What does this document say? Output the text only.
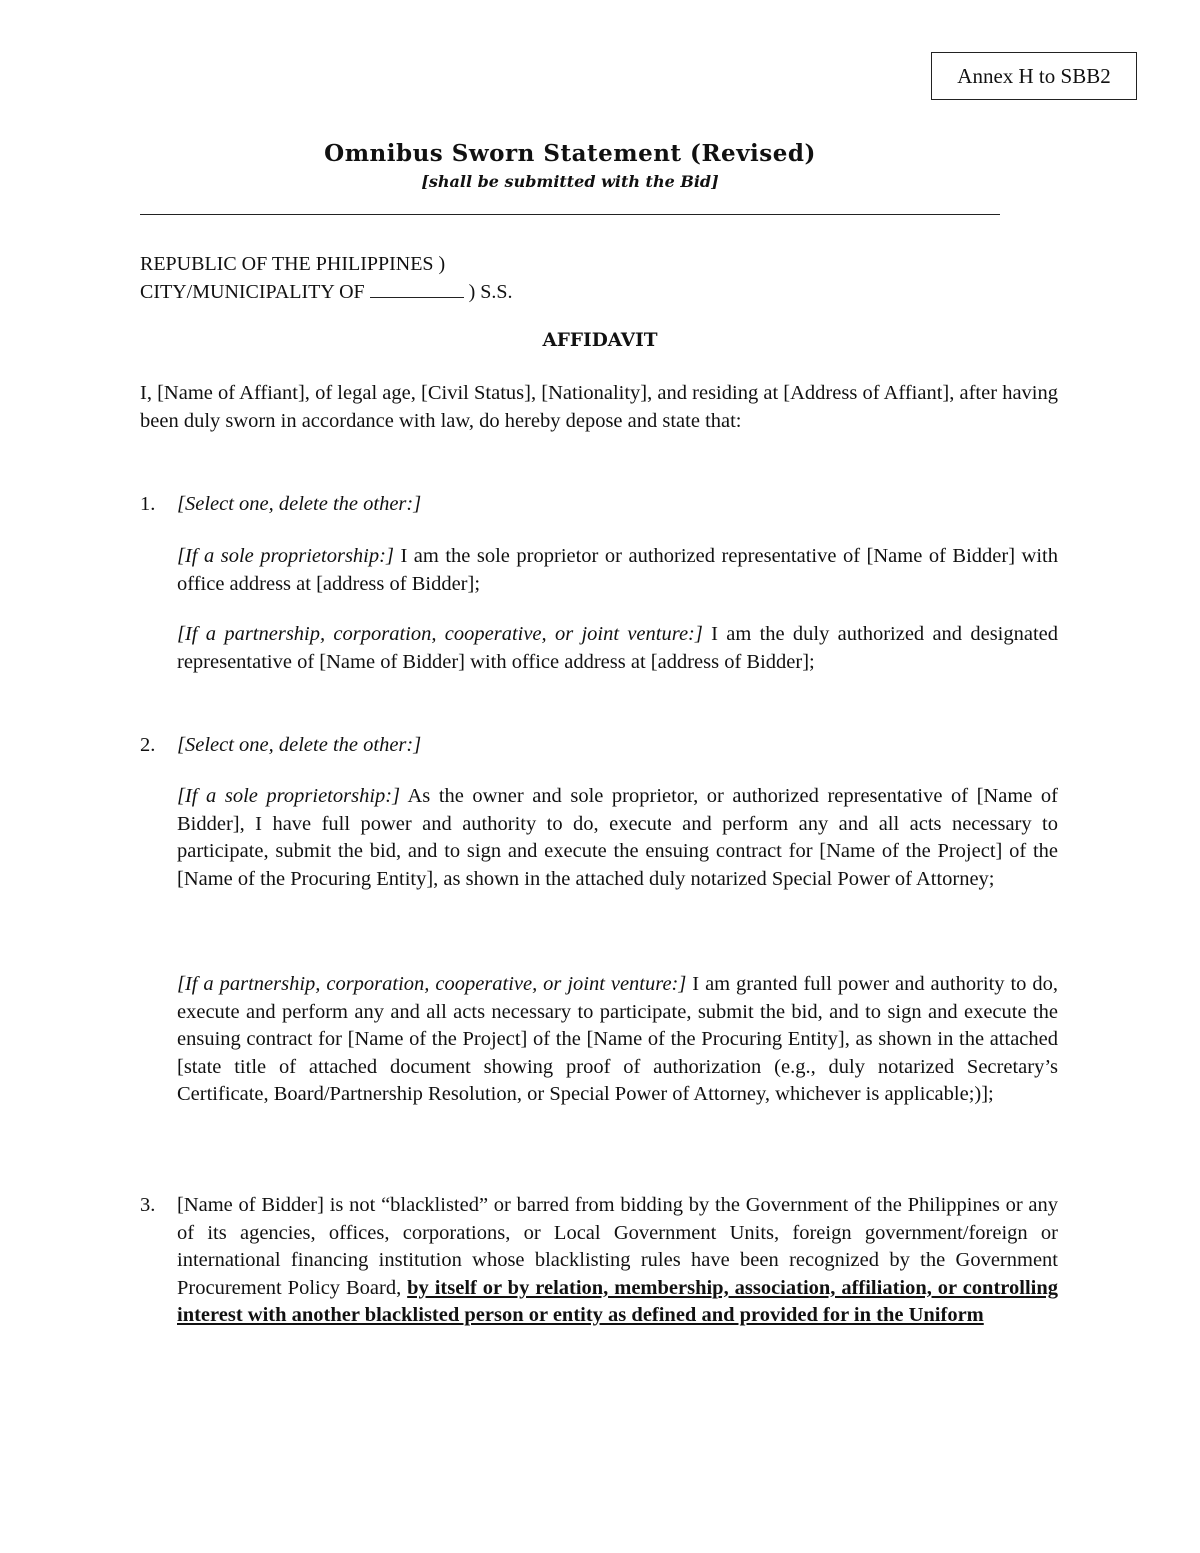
Annex H to SBB2
Omnibus Sworn Statement (Revised)

[shall be submitted with the Bid]

REPUBLIC OF THE PHILIPPINES )
CITY/MUNICIPALITY OF	) S.S.
AFFIDAVIT

I, [Name of Affiant], of legal age, [Civil Status], [Nationality], and residing at [Address of Affiant], after having been duly sworn in accordance with law, do hereby depose and state that:

1. [Select one, delete the other:]

[If a sole proprietorship:] I am the sole proprietor or authorized representative of [Name of Bidder] with office address at [address of Bidder];

[If a partnership, corporation, cooperative, or joint venture:] I am the duly authorized and designated representative of [Name of Bidder] with office address at [address of Bidder];

2. [Select one, delete the other:]

[If a sole proprietorship:] As the owner and sole proprietor, or authorized representative of [Name of Bidder], I have full power and authority to do, execute and perform any and all acts necessary to participate, submit the bid, and to sign and execute the ensuing contract for [Name of the Project] of the [Name of the Procuring Entity], as shown in the attached duly notarized Special Power of Attorney;

[If a partnership, corporation, cooperative, or joint venture:] I am granted full power and authority to do, execute and perform any and all acts necessary to participate, submit the bid, and to sign and execute the ensuing contract for [Name of the Project] of the [Name of the Procuring Entity], as shown in the attached [state title of attached document showing proof of authorization (e.g., duly notarized Secretary’s Certificate, Board/Partnership Resolution, or Special Power of Attorney, whichever is applicable;)];

3. [Name of Bidder] is not “blacklisted” or barred from bidding by the Government of the Philippines or any of its agencies, offices, corporations, or Local Government Units, foreign government/foreign or international financing institution whose blacklisting rules have been recognized by the Government Procurement Policy Board, by itself or by relation, membership, association, affiliation, or controlling interest with another blacklisted person or entity as defined and provided for in the Uniform
